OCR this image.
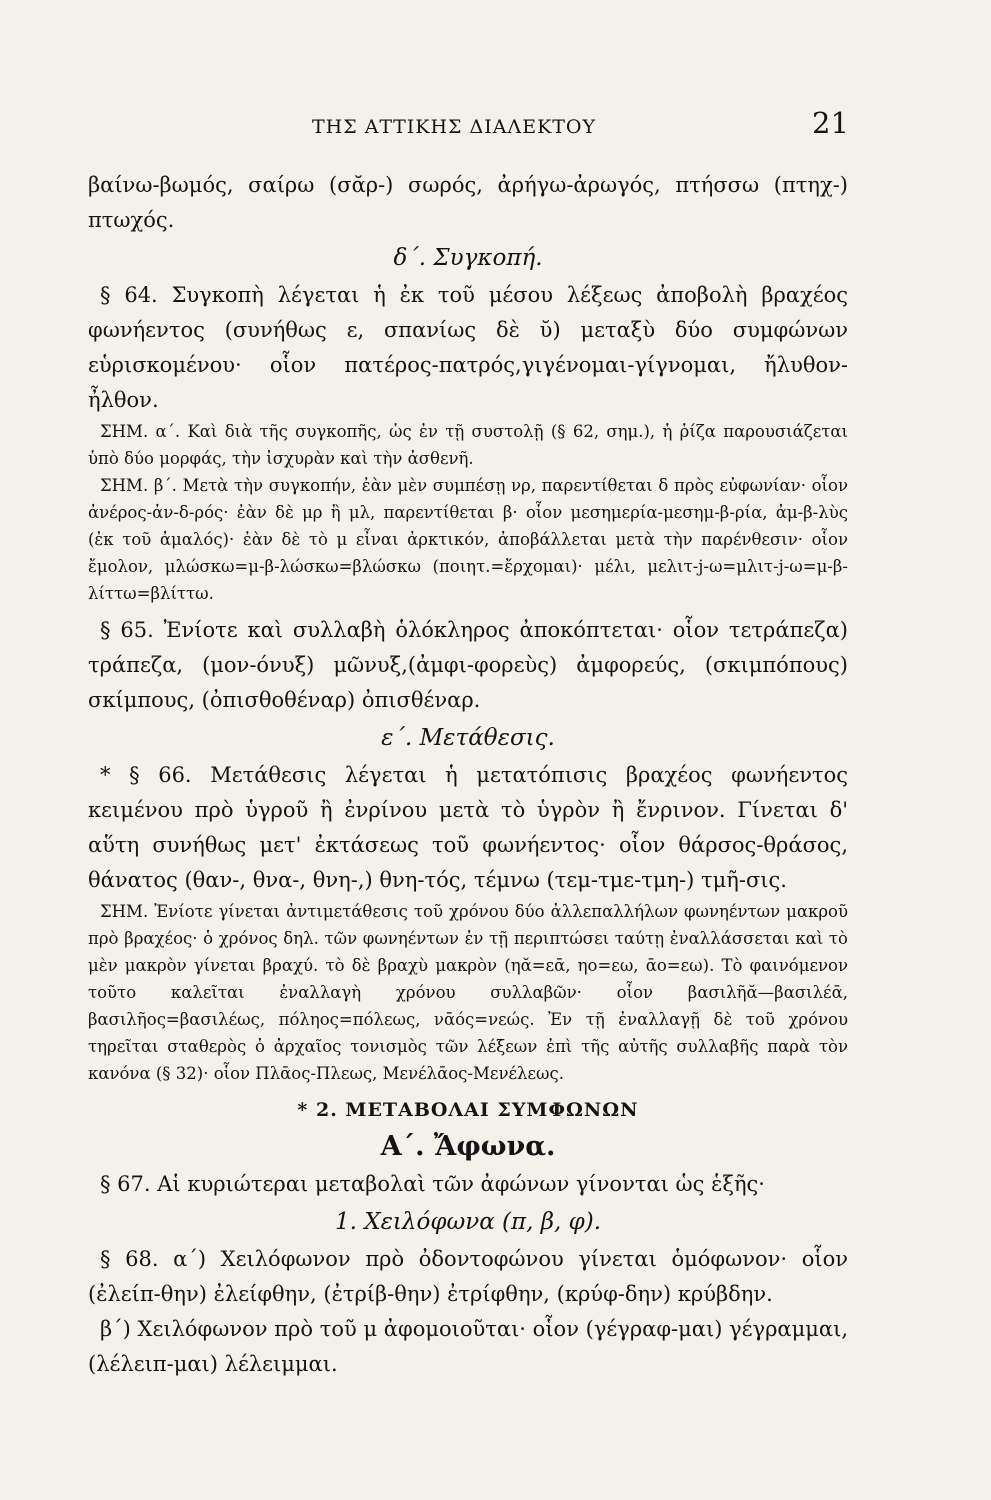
ΤΗΣ ΑΤΤΙΚΗΣ ΔΙΑΛΕΚΤΟΥ	21

βαίνω-βωμός, σαίρω (σᾰρ-) σωρός, ἀρήγω-ἀρωγός, πτήσσω (πτηχ-) πτωχός.

δ΄. Συγκοπή.

§ 64. Συγκοπὴ λέγεται ἡ ἐκ τοῦ μέσου λέξεως ἀποβολὴ βραχέος φωνήεντος (συνήθως ε, σπανίως δὲ ῠ) μεταξὺ δύο συμφώνων εὑρισκομένου· οἷον πατέρος-πατρός,γιγένομαι-γίγνομαι, ἤλυθον-ἦλθον.

ΣΗΜ. α΄. Καὶ διὰ τῆς συγκοπῆς, ὡς ἐν τῇ συστολῇ (§ 62, σημ.), ἡ ῥίζα παρουσιάζεται ὑπὸ δύο μορφάς, τὴν ἰσχυρὰν καὶ τὴν ἀσθενῆ.

ΣΗΜ. β΄. Μετὰ τὴν συγκοπήν, ἐὰν μὲν συμπέσῃ νρ, παρεντίθεται δ πρὸς εὐφωνίαν· οἷον ἀνέρος-ἀν-δ-ρός· ἐὰν δὲ μρ ἢ μλ, παρεντίθεται β· οἷον μεσημερία-μεσημ-β-ρία, ἀμ-β-λὺς (ἐκ τοῦ ἀμαλός)· ἐὰν δὲ τὸ μ εἶναι ἀρκτικόν, ἀποβάλλεται μετὰ τὴν παρένθεσιν· οἷον ἔμολον, μλώσκω=μ-β-λώσκω=βλώσκω (ποιητ.=ἔρχομαι)· μέλι, μελιτ-j-ω=μλιτ-j-ω=μ-β-λίττω=βλίττω.

§ 65. Ἐνίοτε καὶ συλλαβὴ ὁλόκληρος ἀποκόπτεται· οἷον τετράπεζα) τράπεζα, (μον-όνυξ) μῶνυξ,(ἀμφι-φορεὺς) ἀμφορεύς, (σκιμπόπους) σκίμπους, (ὀπισθοθέναρ) ὀπισθέναρ.

ε΄. Μετάθεσις.

* § 66. Μετάθεσις λέγεται ἡ μετατόπισις βραχέος φωνήεντος κειμένου πρὸ ὑγροῦ ἢ ἐνρίνου μετὰ τὸ ὑγρὸν ἢ ἔνρινον. Γίνεται δ' αὕτη συνήθως μετ' ἐκτάσεως τοῦ φωνήεντος· οἷον θάρσος-θράσος, θάνατος (θαν-, θνα-, θνη-,) θνη-τός, τέμνω (τεμ-τμε-τμη-) τμῆ-σις.

ΣΗΜ. Ἐνίοτε γίνεται ἀντιμετάθεσις τοῦ χρόνου δύο ἀλλεπαλλήλων φωνηέντων μακροῦ πρὸ βραχέος· ὁ χρόνος δηλ. τῶν φωνηέντων ἐν τῇ περιπτώσει ταύτῃ ἐναλλάσσεται καὶ τὸ μὲν μακρὸν γίνεται βραχύ. τὸ δὲ βραχὺ μακρὸν (ηᾰ=εᾱ, ηο=εω, ᾱο=εω). Τὸ φαινόμενον τοῦτο καλεῖται ἐναλλαγὴ χρόνου συλλαβῶν· οἷον βασιλῆᾰ—βασιλέᾱ, βασιλῆος=βασιλέως, πόληος=πόλεως, νᾱός=νεώς. Ἐν τῇ ἐναλλαγῇ δὲ τοῦ χρόνου τηρεῖται σταθερὸς ὁ ἀρχαῖος τονισμὸς τῶν λέξεων ἐπὶ τῆς αὐτῆς συλλαβῆς παρὰ τὸν κανόνα (§ 32)· οἷον Πλᾱος-Πλεως, Μενέλᾱος-Μενέλεως.

* 2. ΜΕΤΑΒΟΛΑΙ ΣΥΜΦΩΝΩΝ

Α΄. Ἄφωνα.

§ 67. Αἱ κυριώτεραι μεταβολαὶ τῶν ἀφώνων γίνονται ὡς ἑξῆς·

1. Χειλόφωνα (π, β, φ).

§ 68. α΄) Χειλόφωνον πρὸ ὀδοντοφώνου γίνεται ὁμόφωνον· οἷον (ἐλείπ-θην) ἐλείφθην, (ἐτρίβ-θην) ἐτρίφθην, (κρύφ-δην) κρύβδην.

β΄) Χειλόφωνον πρὸ τοῦ μ ἀφομοιοῦται· οἷον (γέγραφ-μαι) γέγραμμαι, (λέλειπ-μαι) λέλειμμαι.
